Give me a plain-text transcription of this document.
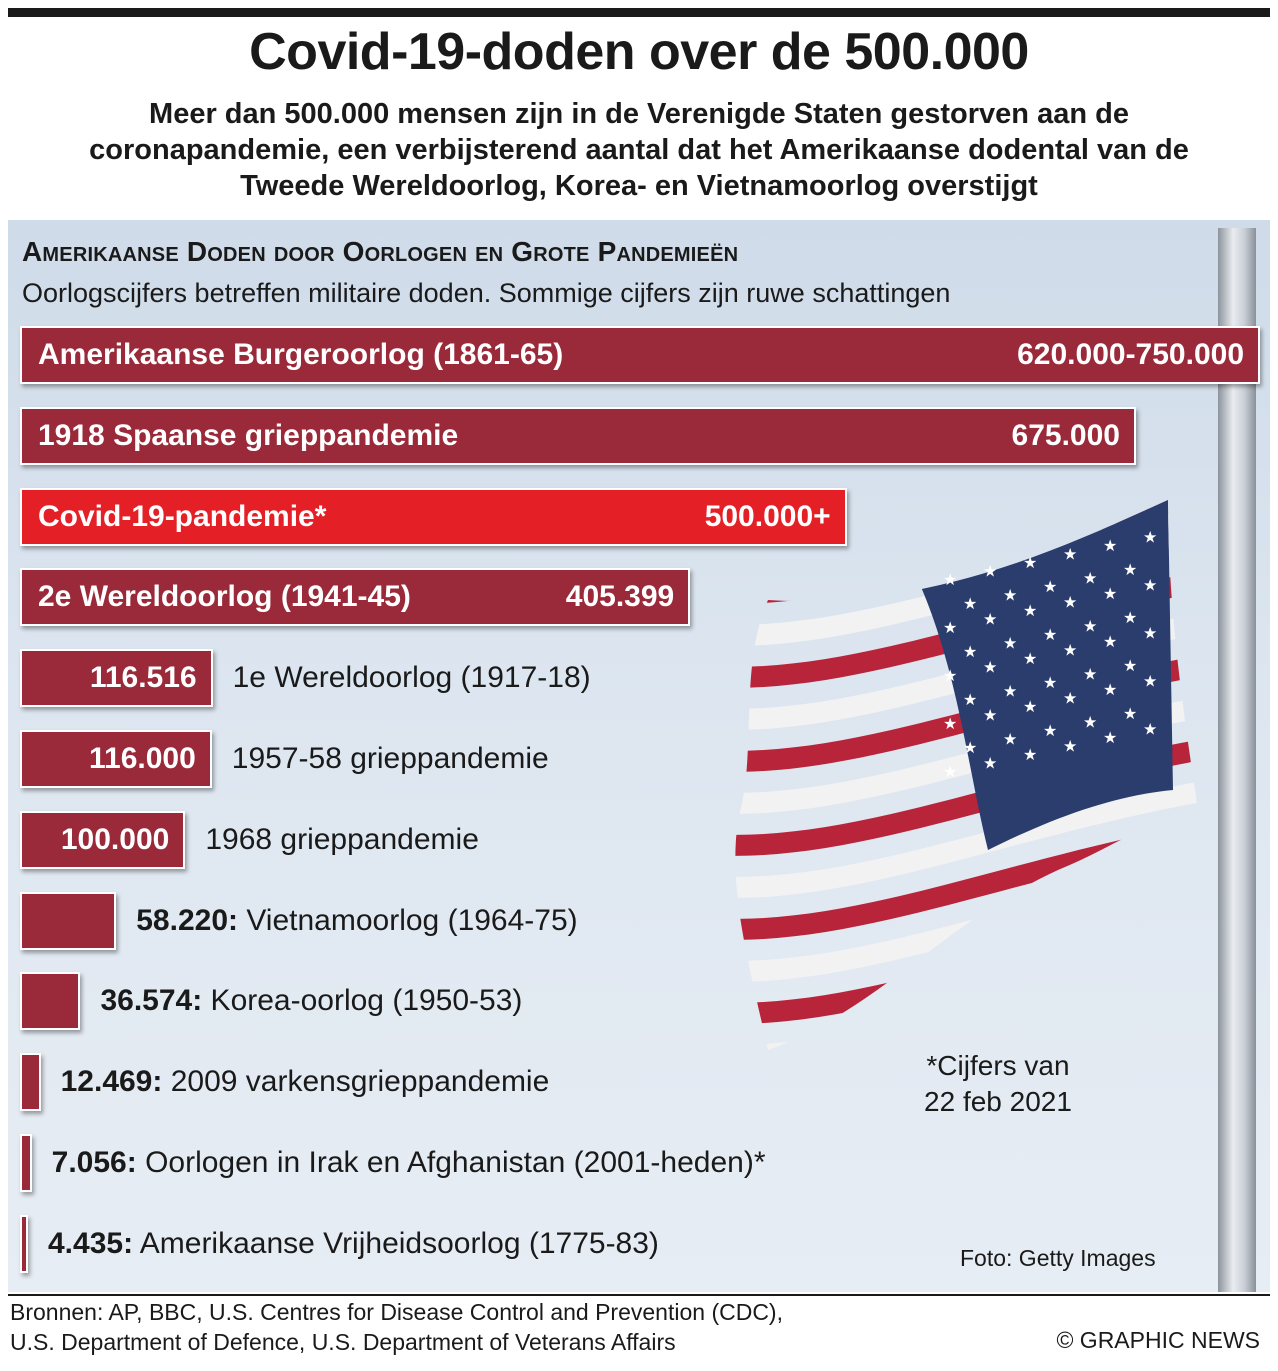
Covid-19-doden over de 500.000
Meer dan 500.000 mensen zijn in de Verenigde Staten gestorven aan de coronapandemie, een verbijsterend aantal dat het Amerikaanse dodental van de Tweede Wereldoorlog, Korea- en Vietnamoorlog overstijgt
★ ★ ★ ★ ★ ★
★ ★ ★ ★ ★
★ ★ ★ ★ ★ ★
★ ★ ★ ★ ★
★ ★ ★ ★ ★ ★
★ ★ ★ ★ ★
★ ★ ★ ★ ★ ★
★ ★ ★ ★ ★
★ ★ ★ ★ ★ ★
Amerikaanse Doden door Oorlogen en Grote Pandemieën
Oorlogscijfers betreffen militaire doden. Sommige cijfers zijn ruwe schattingen
Amerikaanse Burgeroorlog (1861-65)	620.000-750.000
1918 Spaanse grieppandemie	675.000
Covid-19-pandemie*	500.000+
2e Wereldoorlog (1941-45)	405.399
116.516 1e Wereldoorlog (1917-18)
116.000 1957-58 grieppandemie
100.000 1968 grieppandemie
58.220: Vietnamoorlog (1964-75)
36.574: Korea-oorlog (1950-53)
12.469: 2009 varkensgrieppandemie
7.056: Oorlogen in Irak en Afghanistan (2001-heden)*
4.435: Amerikaanse Vrijheidsoorlog (1775-83)
*Cijfers van 22 feb 2021
Foto: Getty Images
Bronnen: AP, BBC, U.S. Centres for Disease Control and Prevention (CDC),
U.S. Department of Defence, U.S. Department of Veterans Affairs	© GRAPHIC NEWS
